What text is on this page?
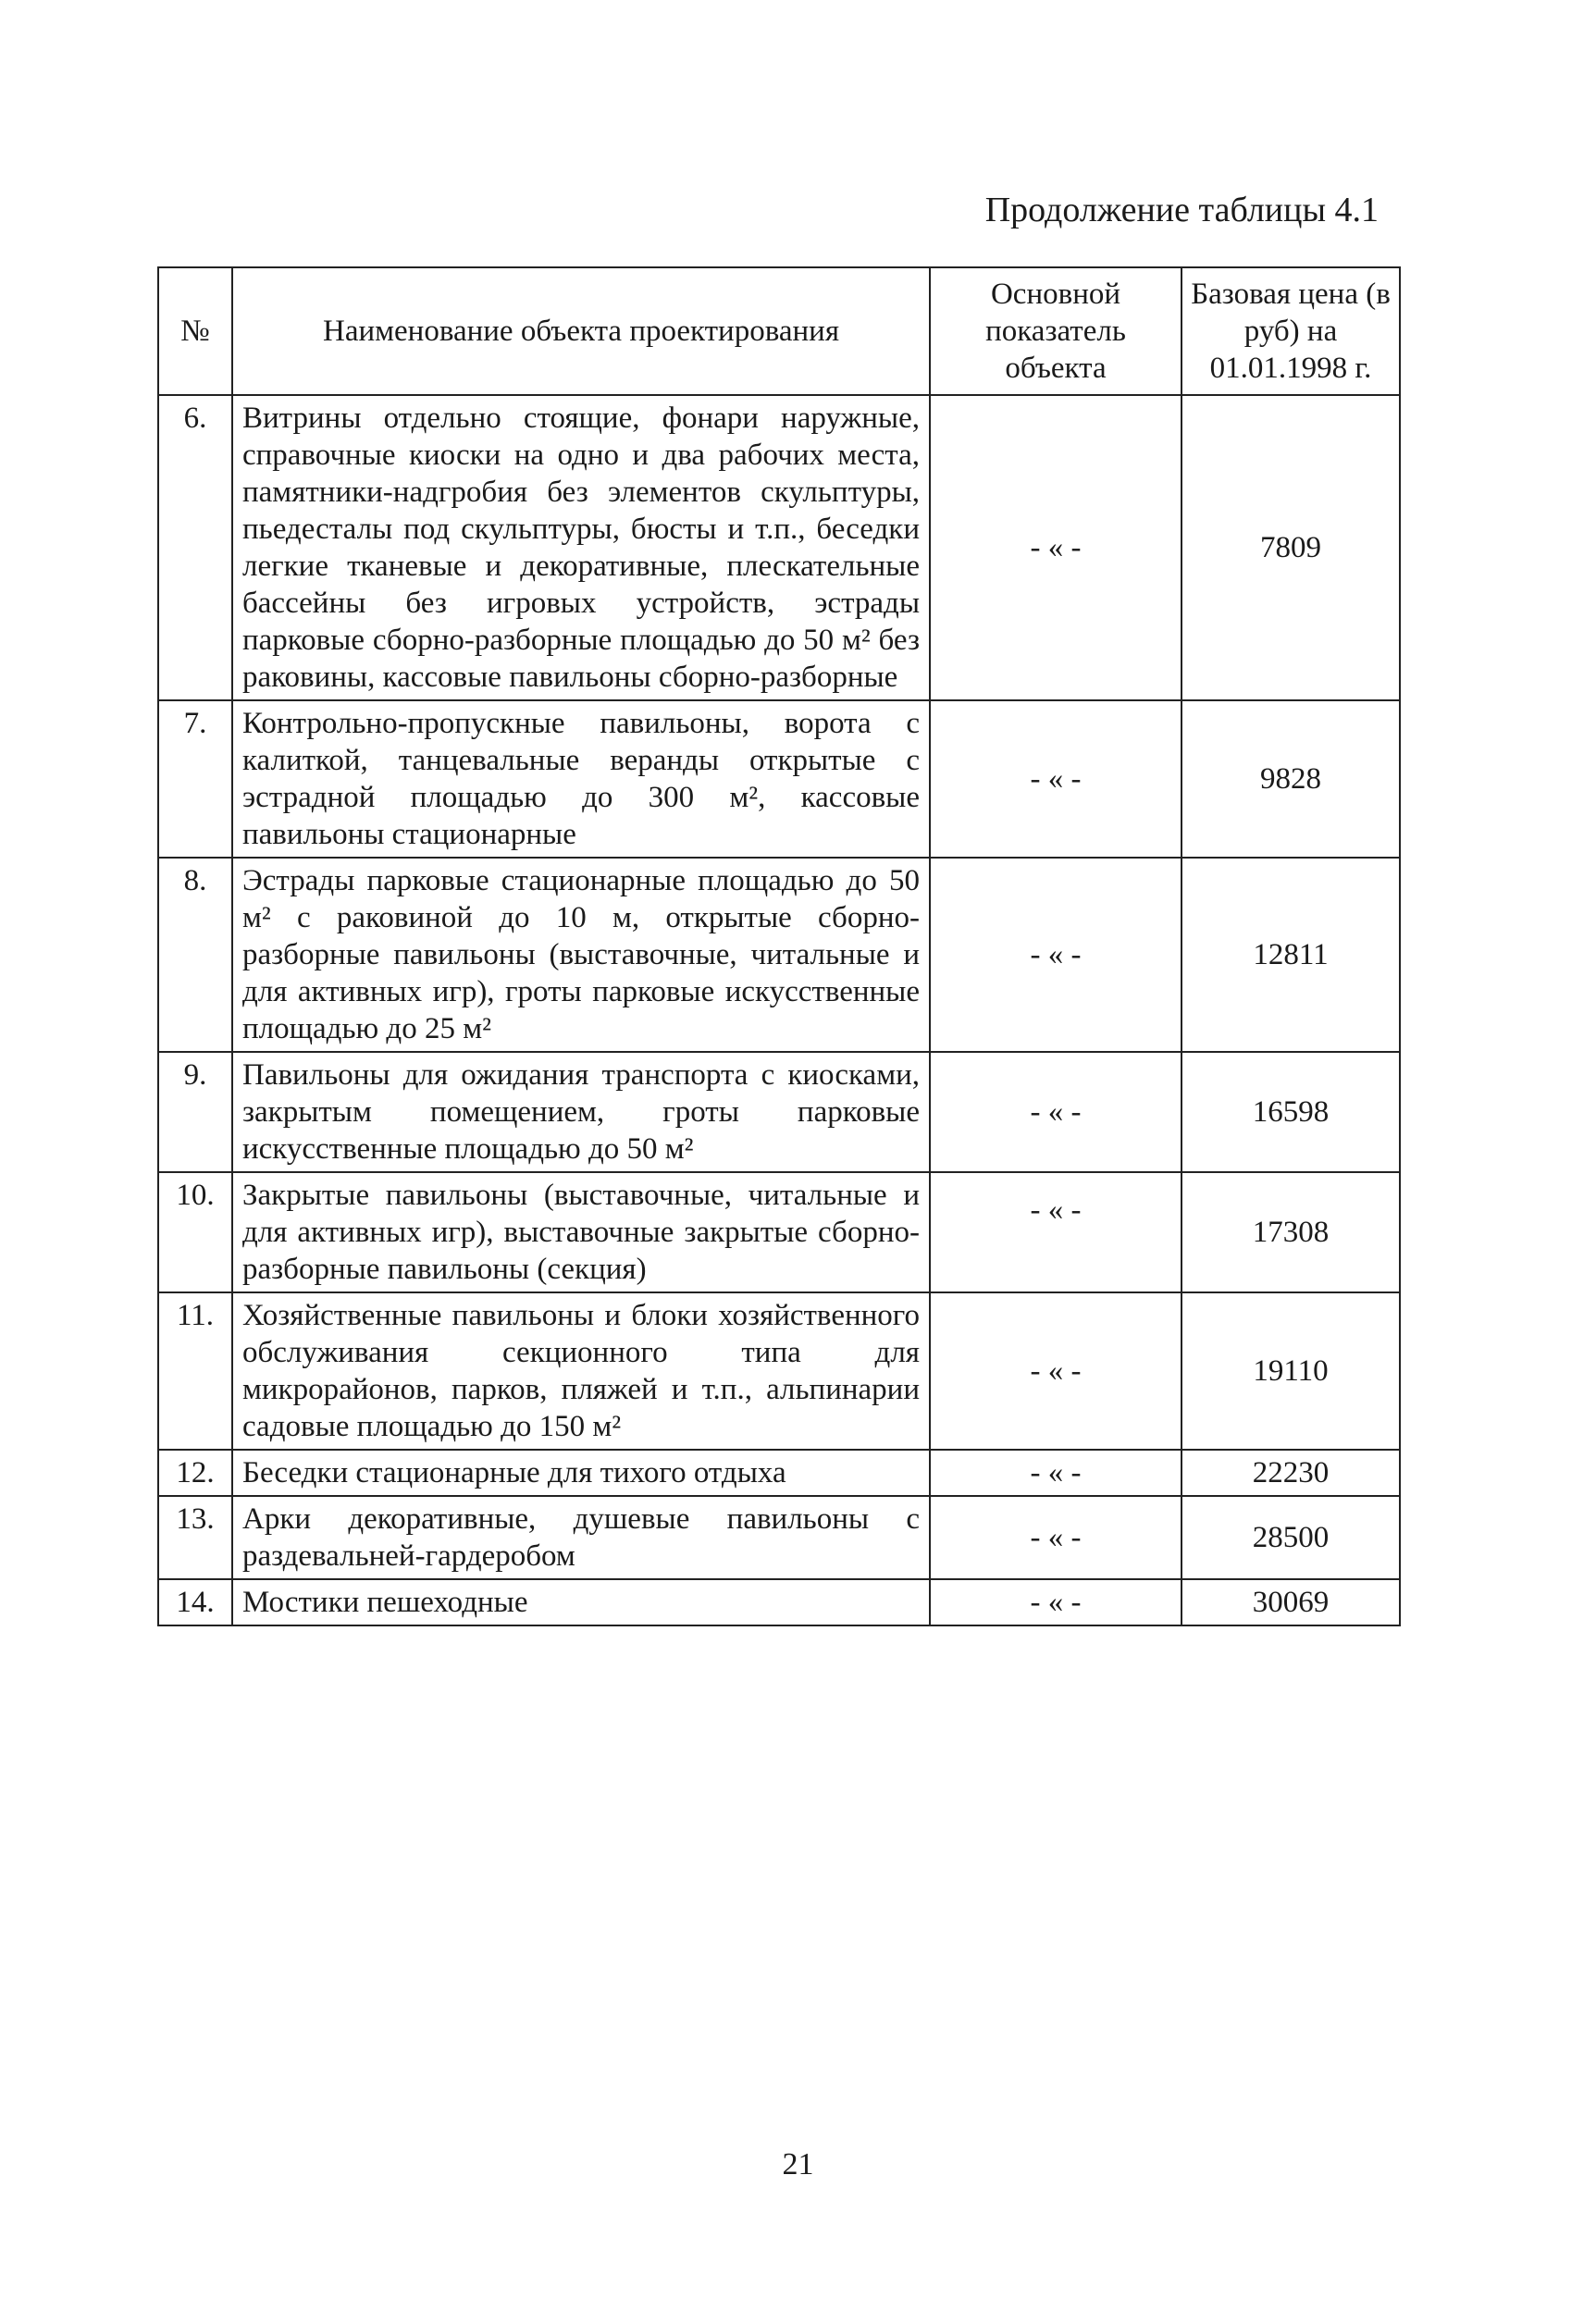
Продолжение таблицы 4.1
№	Наименование объекта проектирования	Основной показатель объекта	Базовая цена (в руб) на 01.01.1998 г.
6.	Витрины отдельно стоящие, фонари наружные, справочные киоски на одно и два рабочих места, памятники-надгробия без элементов скульптуры, пьедесталы под скульптуры, бюсты и т.п., беседки легкие тканевые и декоративные, плескательные бассейны без игровых устройств, эстрады парковые сборно-разборные площадью до 50 м² без раковины, кассовые павильоны сборно-разборные	- « -	7809
7.	Контрольно-пропускные павильоны, ворота с калиткой, танцевальные веранды открытые с эстрадной площадью до 300 м², кассовые павильоны стационарные	- « -	9828
8.	Эстрады парковые стационарные площадью до 50 м² с раковиной до 10 м, открытые сборно-разборные павильоны (выставочные, читальные и для активных игр), гроты парковые искусственные площадью до 25 м²	- « -	12811
9.	Павильоны для ожидания транспорта с киосками, закрытым помещением, гроты парковые искусственные площадью до 50 м²	- « -	16598
10.	Закрытые павильоны (выставочные, читальные и для активных игр), выставочные закрытые сборно-разборные павильоны (секция)	- « -	17308
11.	Хозяйственные павильоны и блоки хозяйственного обслуживания секционного типа для микрорайонов, парков, пляжей и т.п., альпинарии садовые площадью до 150 м²	- « -	19110
12.	Беседки стационарные для тихого отдыха	- « -	22230
13.	Арки декоративные, душевые павильоны с раздевальней-гардеробом	- « -	28500
14.	Мостики пешеходные	- « -	30069
21
